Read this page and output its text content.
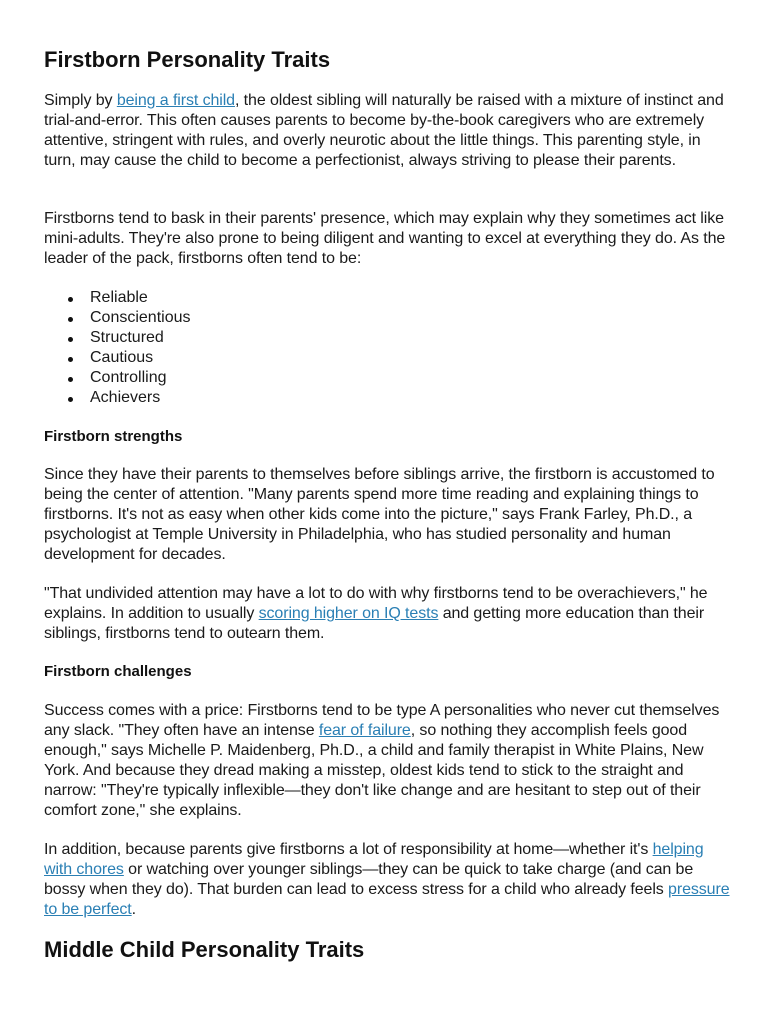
Firstborn Personality Traits

Simply by being a first child, the oldest sibling will naturally be raised with a mixture of instinct and trial-and-error. This often causes parents to become by-the-book caregivers who are extremely attentive, stringent with rules, and overly neurotic about the little things. This parenting style, in turn, may cause the child to become a perfectionist, always striving to please their parents.

Firstborns tend to bask in their parents' presence, which may explain why they sometimes act like mini-adults. They're also prone to being diligent and wanting to excel at everything they do. As the leader of the pack, firstborns often tend to be:

Reliable
Conscientious
Structured
Cautious
Controlling
Achievers
Firstborn strengths

Since they have their parents to themselves before siblings arrive, the firstborn is accustomed to being the center of attention. "Many parents spend more time reading and explaining things to firstborns. It's not as easy when other kids come into the picture," says Frank Farley, Ph.D., a psychologist at Temple University in Philadelphia, who has studied personality and human development for decades.

"That undivided attention may have a lot to do with why firstborns tend to be overachievers," he explains. In addition to usually scoring higher on IQ tests and getting more education than their siblings, firstborns tend to outearn them.

Firstborn challenges

Success comes with a price: Firstborns tend to be type A personalities who never cut themselves any slack. "They often have an intense fear of failure, so nothing they accomplish feels good enough," says Michelle P. Maidenberg, Ph.D., a child and family therapist in White Plains, New York. And because they dread making a misstep, oldest kids tend to stick to the straight and narrow: "They're typically inflexible—they don't like change and are hesitant to step out of their comfort zone," she explains.

In addition, because parents give firstborns a lot of responsibility at home—whether it's helping with chores or watching over younger siblings—they can be quick to take charge (and can be bossy when they do). That burden can lead to excess stress for a child who already feels pressure to be perfect.

Middle Child Personality Traits
